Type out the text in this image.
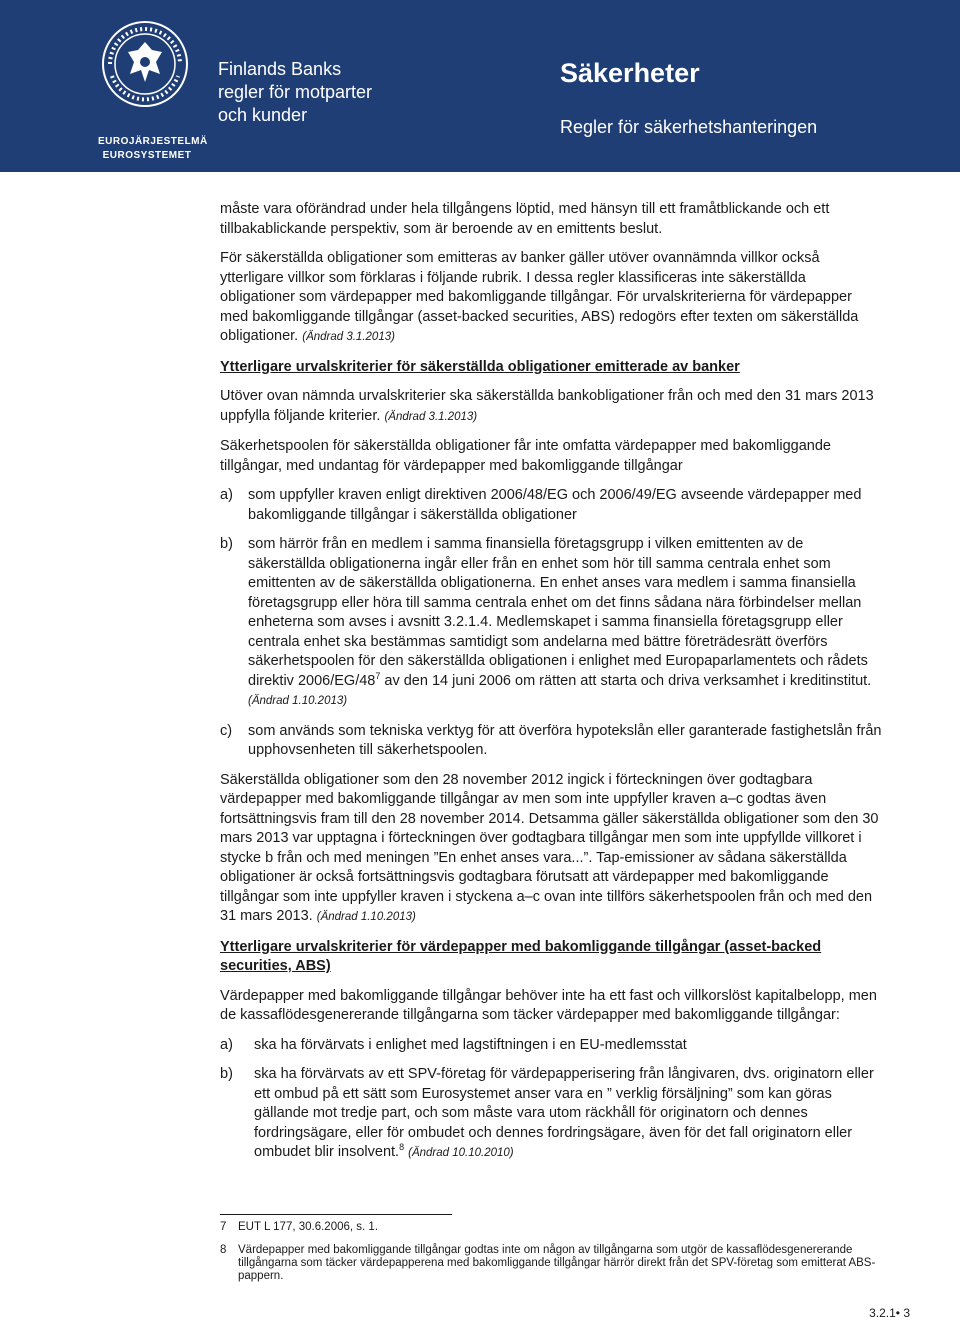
EUROJÄRJESTELMÄ
EUROSYSTEMET
Finlands Banks
regler för motparter
och kunder
Säkerheter
Regler för säkerhetshanteringen

måste vara oförändrad under hela tillgångens löptid, med hänsyn till ett framåtblickande och ett tillbakablickande perspektiv, som är beroende av en emittents beslut.

För säkerställda obligationer som emitteras av banker gäller utöver ovannämnda villkor också ytterligare villkor som förklaras i följande rubrik. I dessa regler klassificeras inte säkerställda obligationer som värdepapper med bakomliggande tillgångar. För urvalskriterierna för värdepapper med bakomliggande tillgångar (asset-backed securities, ABS) redogörs efter texten om säkerställda obligationer. (Ändrad 3.1.2013)

Ytterligare urvalskriterier för säkerställda obligationer emitterade av banker

Utöver ovan nämnda urvalskriterier ska säkerställda bankobligationer från och med den 31 mars 2013 uppfylla följande kriterier. (Ändrad 3.1.2013)

Säkerhetspoolen för säkerställda obligationer får inte omfatta värdepapper med bakomliggande tillgångar, med undantag för värdepapper med bakomliggande tillgångar

a)	som uppfyller kraven enligt direktiven 2006/48/EG och 2006/49/EG avseende värdepapper med bakomliggande tillgångar i säkerställda obligationer
b)	som härrör från en medlem i samma finansiella företagsgrupp i vilken emittenten av de säkerställda obligationerna ingår eller från en enhet som hör till samma centrala enhet som emittenten av de säkerställda obligationerna. En enhet anses vara medlem i samma finansiella företagsgrupp eller höra till samma centrala enhet om det finns sådana nära förbindelser mellan enheterna som avses i avsnitt 3.2.1.4. Medlemskapet i samma finansiella företagsgrupp eller centrala enhet ska bestämmas samtidigt som andelarna med bättre företrädesrätt överförs säkerhetspoolen för den säkerställda obligationen i enlighet med Europaparlamentets och rådets direktiv $2006/EG/48^7$ av den 14 juni 2006 om rätten att starta och driva verksamhet i kreditinstitut. (Ändrad 1.10.2013)
c)	som används som tekniska verktyg för att överföra hypotekslån eller garanterade fastighetslån från upphovsenheten till säkerhetspoolen.

Säkerställda obligationer som den 28 november 2012 ingick i förteckningen över godtagbara värdepapper med bakomliggande tillgångar av men som inte uppfyller kraven a–c godtas även fortsättningsvis fram till den 28 november 2014. Detsamma gäller säkerställda obligationer som den 30 mars 2013 var upptagna i förteckningen över godtagbara tillgångar men som inte uppfyllde villkoret i stycke b från och med meningen ”En enhet anses vara...”. Tap-emissioner av sådana säkerställda obligationer är också fortsättningsvis godtagbara förutsatt att värdepapper med bakomliggande tillgångar som inte uppfyller kraven i styckena a–c ovan inte tillförs säkerhetspoolen från och med den 31 mars 2013. (Ändrad 1.10.2013)

Ytterligare urvalskriterier för värdepapper med bakomliggande tillgångar (asset-backed securities, ABS)

Värdepapper med bakomliggande tillgångar behöver inte ha ett fast och villkorslöst kapitalbelopp, men de kassaflödesgenererande tillgångarna som täcker värdepapper med bakomliggande tillgångar:

a)	ska ha förvärvats i enlighet med lagstiftningen i en EU-medlemsstat
b)	ska ha förvärvats av ett SPV-företag för värdepapperisering från långivaren, dvs. originatorn eller ett ombud på ett sätt som Eurosystemet anser vara en ” verklig försäljning” som kan göras gällande mot tredje part, och som måste vara utom räckhåll för originatorn och dennes fordringsägare, eller för ombudet och dennes fordringsägare, även för det fall originatorn eller ombudet blir insolvent.$^8$ (Ändrad 10.10.2010)
7	EUT L 177, 30.6.2006, s. 1.
8	Värdepapper med bakomliggande tillgångar godtas inte om någon av tillgångarna som utgör de kassaflödesgenererande tillgångarna som täcker värdepapperena med bakomliggande tillgångar härrör direkt från det SPV-företag som emitterat ABS-pappern.
3.2.1• 3
